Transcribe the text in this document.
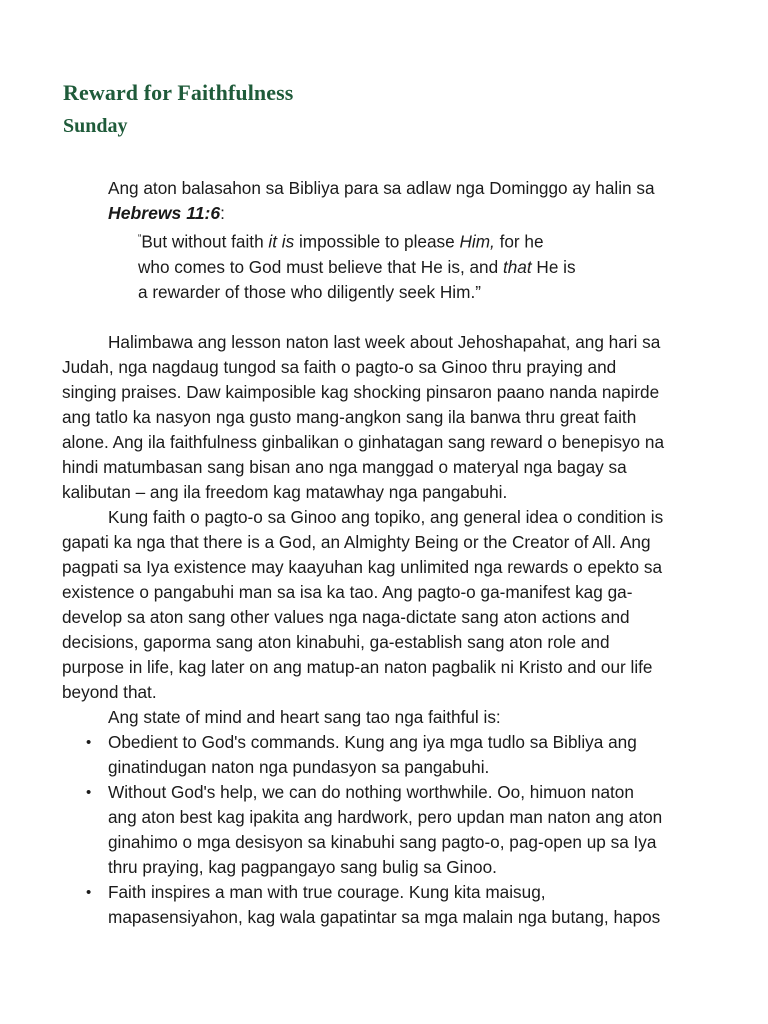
Reward for Faithfulness
Sunday

Ang aton balasahon sa Bibliya para sa adlaw nga Dominggo ay halin sa
Hebrews 11:6:

“But without faith it is impossible to please Him, for he
who comes to God must believe that He is, and that He is
a rewarder of those who diligently seek Him.”

Halimbawa ang lesson naton last week about Jehoshapahat, ang hari sa
Judah, nga nagdaug tungod sa faith o pagto-o sa Ginoo thru praying and
singing praises. Daw kaimposible kag shocking pinsaron paano nanda napirde
ang tatlo ka nasyon nga gusto mang-angkon sang ila banwa thru great faith
alone. Ang ila faithfulness ginbalikan o ginhatagan sang reward o benepisyo na
hindi matumbasan sang bisan ano nga manggad o materyal nga bagay sa
kalibutan – ang ila freedom kag matawhay nga pangabuhi.

Kung faith o pagto-o sa Ginoo ang topiko, ang general idea o condition is
gapati ka nga that there is a God, an Almighty Being or the Creator of All. Ang
pagpati sa Iya existence may kaayuhan kag unlimited nga rewards o epekto sa
existence o pangabuhi man sa isa ka tao. Ang pagto-o ga-manifest kag ga-
develop sa aton sang other values nga naga-dictate sang aton actions and
decisions, gaporma sang aton kinabuhi, ga-establish sang aton role and
purpose in life, kag later on ang matup-an naton pagbalik ni Kristo and our life
beyond that.

Ang state of mind and heart sang tao nga faithful is:

• Obedient to God's commands. Kung ang iya mga tudlo sa Bibliya ang
ginatindugan naton nga pundasyon sa pangabuhi.
• Without God's help, we can do nothing worthwhile. Oo, himuon naton
ang aton best kag ipakita ang hardwork, pero updan man naton ang aton
ginahimo o mga desisyon sa kinabuhi sang pagto-o, pag-open up sa Iya
thru praying, kag pagpangayo sang bulig sa Ginoo.
• Faith inspires a man with true courage. Kung kita maisug,
mapasensiyahon, kag wala gapatintar sa mga malain nga butang, hapos
